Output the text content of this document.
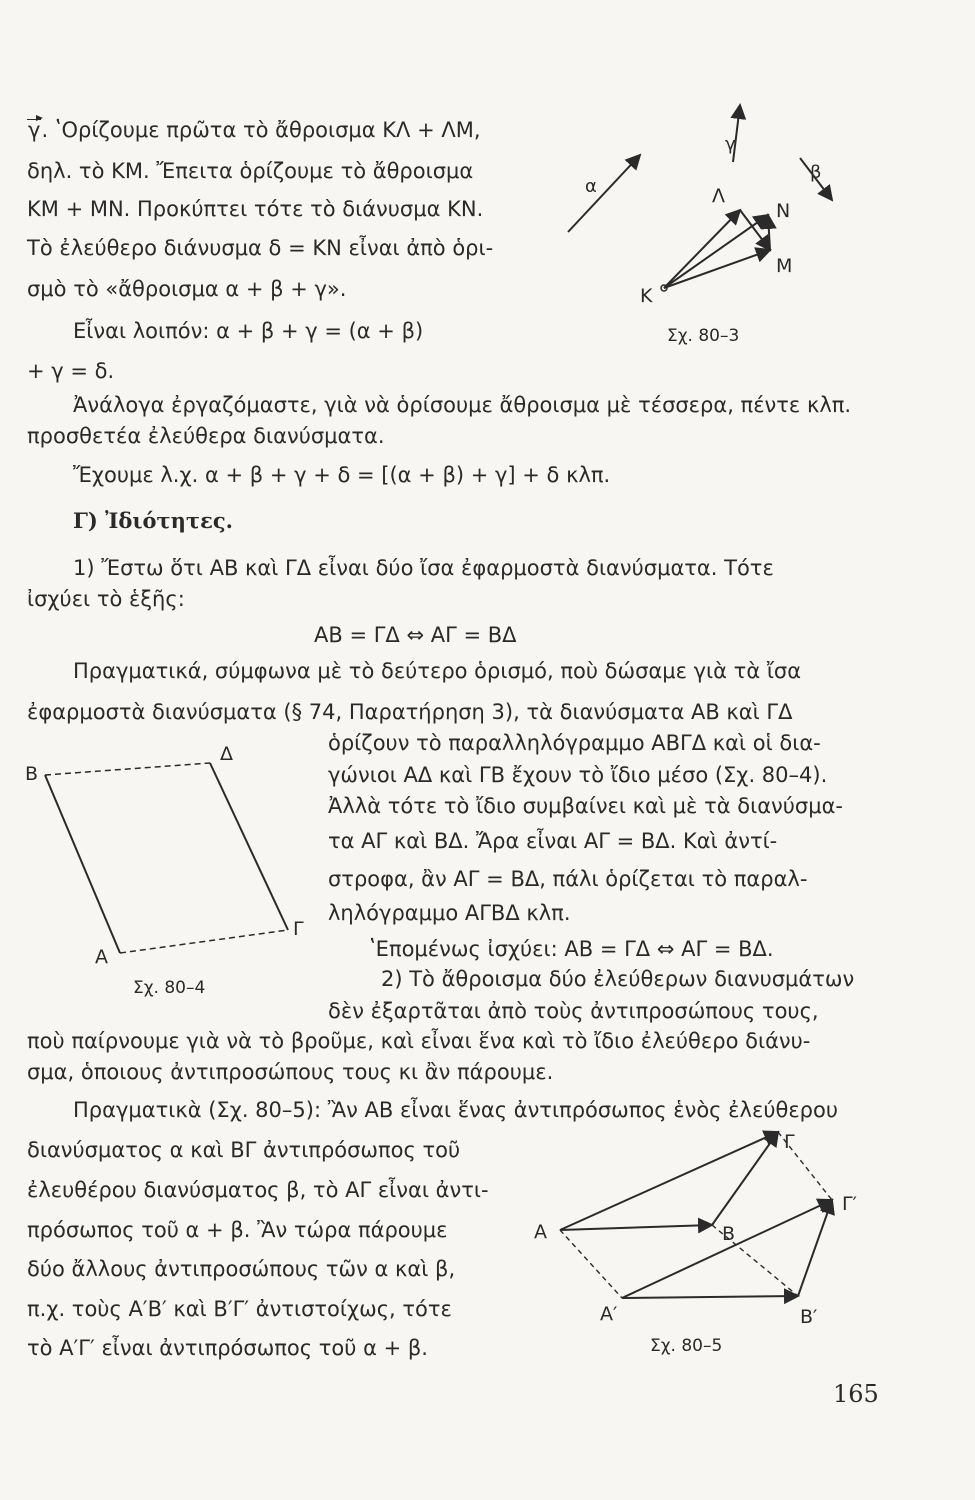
γ. ʽΟρίζουμε πρῶτα τὸ ἄθροισμα ΚΛ + ΛΜ,
δηλ. τὸ ΚΜ. Ἔπειτα ὁρίζουμε τὸ ἄθροισμα
ΚΜ + ΜΝ. Προκύπτει τότε τὸ διάνυσμα ΚΝ.
Τὸ ἐλεύθερο διάνυσμα δ = ΚΝ εἶναι ἀπὸ ὁρι-
σμὸ τὸ «ἄθροισμα α + β + γ».
Εἶναι λοιπόν: α + β + γ = (α + β)
+ γ = δ.
Ἀνάλογα ἐργαζόμαστε, γιὰ νὰ ὁρίσουμε ἄθροισμα μὲ τέσσερα, πέντε κλπ.
προσθετέα ἐλεύθερα διανύσματα.
Ἔχουμε λ.χ. α + β + γ + δ = [(α + β) + γ] + δ κλπ.
Γ) Ἰδιότητες.
1) Ἔστω ὅτι ΑΒ καὶ ΓΔ εἶναι δύο ἴσα ἐφαρμοστὰ διανύσματα. Τότε
ἰσχύει τὸ ἑξῆς:
ΑΒ = ΓΔ ⇔ ΑΓ = ΒΔ
Πραγματικά, σύμφωνα μὲ τὸ δεύτερο ὁρισμό, ποὺ δώσαμε γιὰ τὰ ἴσα
ἐφαρμοστὰ διανύσματα (§ 74, Παρατήρηση 3), τὰ διανύσματα ΑΒ καὶ ΓΔ
ὁρίζουν τὸ παραλληλόγραμμο ΑΒΓΔ καὶ οἱ δια-
γώνιοι ΑΔ καὶ ΓΒ ἔχουν τὸ ἴδιο μέσο (Σχ. 80–4).
Ἀλλὰ τότε τὸ ἴδιο συμβαίνει καὶ μὲ τὰ διανύσμα-
τα ΑΓ καὶ ΒΔ. Ἄρα εἶναι ΑΓ = ΒΔ. Καὶ ἀντί-
στροφα, ἂν ΑΓ = ΒΔ, πάλι ὁρίζεται τὸ παραλ-
ληλόγραμμο ΑΓΒΔ κλπ.
ʽΕπομένως ἰσχύει: ΑΒ = ΓΔ ⇔ ΑΓ = ΒΔ.
2) Τὸ ἄθροισμα δύο ἐλεύθερων διανυσμάτων
δὲν ἐξαρτᾶται ἀπὸ τοὺς ἀντιπροσώπους τους,
ποὺ παίρνουμε γιὰ νὰ τὸ βροῦμε, καὶ εἶναι ἕνα καὶ τὸ ἴδιο ἐλεύθερο διάνυ-
σμα, ὁποιους ἀντιπροσώπους τους κι ἂν πάρουμε.
Πραγματικὰ (Σχ. 80–5): Ἂν ΑΒ εἶναι ἕνας ἀντιπρόσωπος ἑνὸς ἐλεύθερου
διανύσματος α καὶ ΒΓ ἀντιπρόσωπος τοῦ
ἐλευθέρου διανύσματος β, τὸ ΑΓ εἶναι ἀντι-
πρόσωπος τοῦ α + β. Ἂν τώρα πάρουμε
δύο ἄλλους ἀντιπροσώπους τῶν α καὶ β,
π.χ. τοὺς Α′Β′ καὶ Β′Γ′ ἀντιστοίχως, τότε
τὸ Α′Γ′ εἶναι ἀντιπρόσωπος τοῦ α + β.
α
γ
β
Κ
Λ
Μ
Ν
Σχ. 80–3
Β
Δ
Γ
Α
Σχ. 80–4
Α	Β
Γ
Α′	Β′
Γ′
Σχ. 80–5
165
